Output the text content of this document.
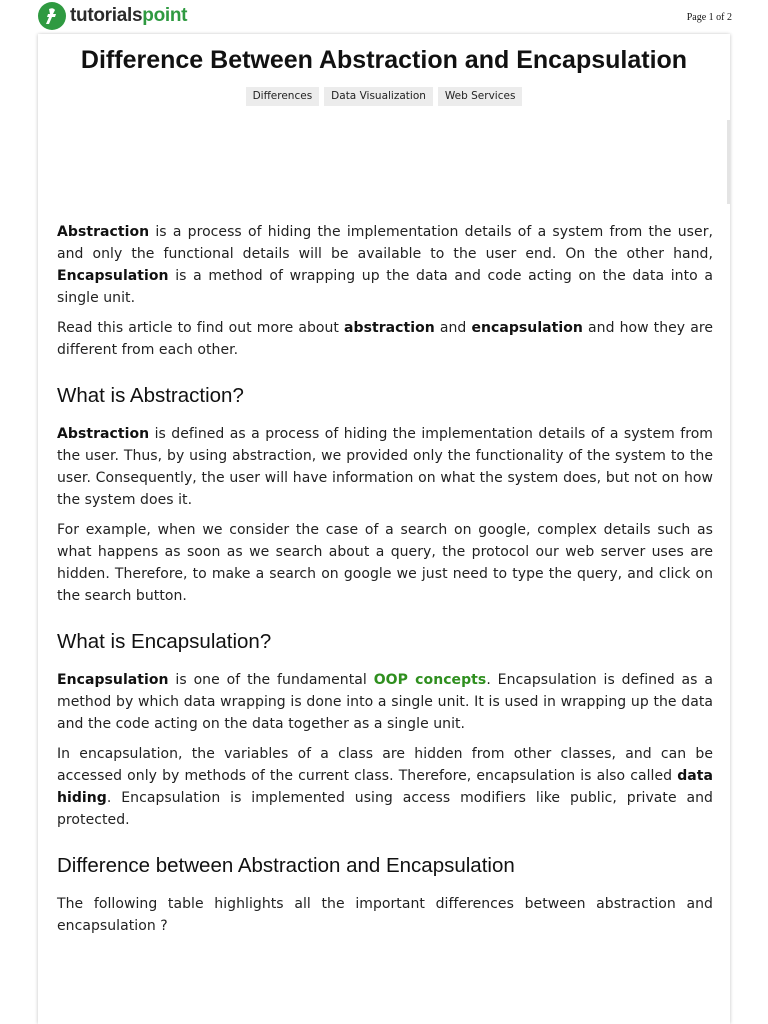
tutorialspoint	Page 1 of 2
Difference Between Abstraction and Encapsulation
Differences	Data Visualization	Web Services

Abstraction is a process of hiding the implementation details of a system from the user, and only the functional details will be available to the user end. On the other hand, Encapsulation is a method of wrapping up the data and code acting on the data into a single unit.

Read this article to find out more about abstraction and encapsulation and how they are different from each other.

What is Abstraction?

Abstraction is defined as a process of hiding the implementation details of a system from the user. Thus, by using abstraction, we provided only the functionality of the system to the user. Consequently, the user will have information on what the system does, but not on how the system does it.

For example, when we consider the case of a search on google, complex details such as what happens as soon as we search about a query, the protocol our web server uses are hidden. Therefore, to make a search on google we just need to type the query, and click on the search button.

What is Encapsulation?

Encapsulation is one of the fundamental OOP concepts. Encapsulation is defined as a method by which data wrapping is done into a single unit. It is used in wrapping up the data and the code acting on the data together as a single unit.

In encapsulation, the variables of a class are hidden from other classes, and can be accessed only by methods of the current class. Therefore, encapsulation is also called data hiding. Encapsulation is implemented using access modifiers like public, private and protected.

Difference between Abstraction and Encapsulation

The following table highlights all the important differences between abstraction and encapsulation ?
